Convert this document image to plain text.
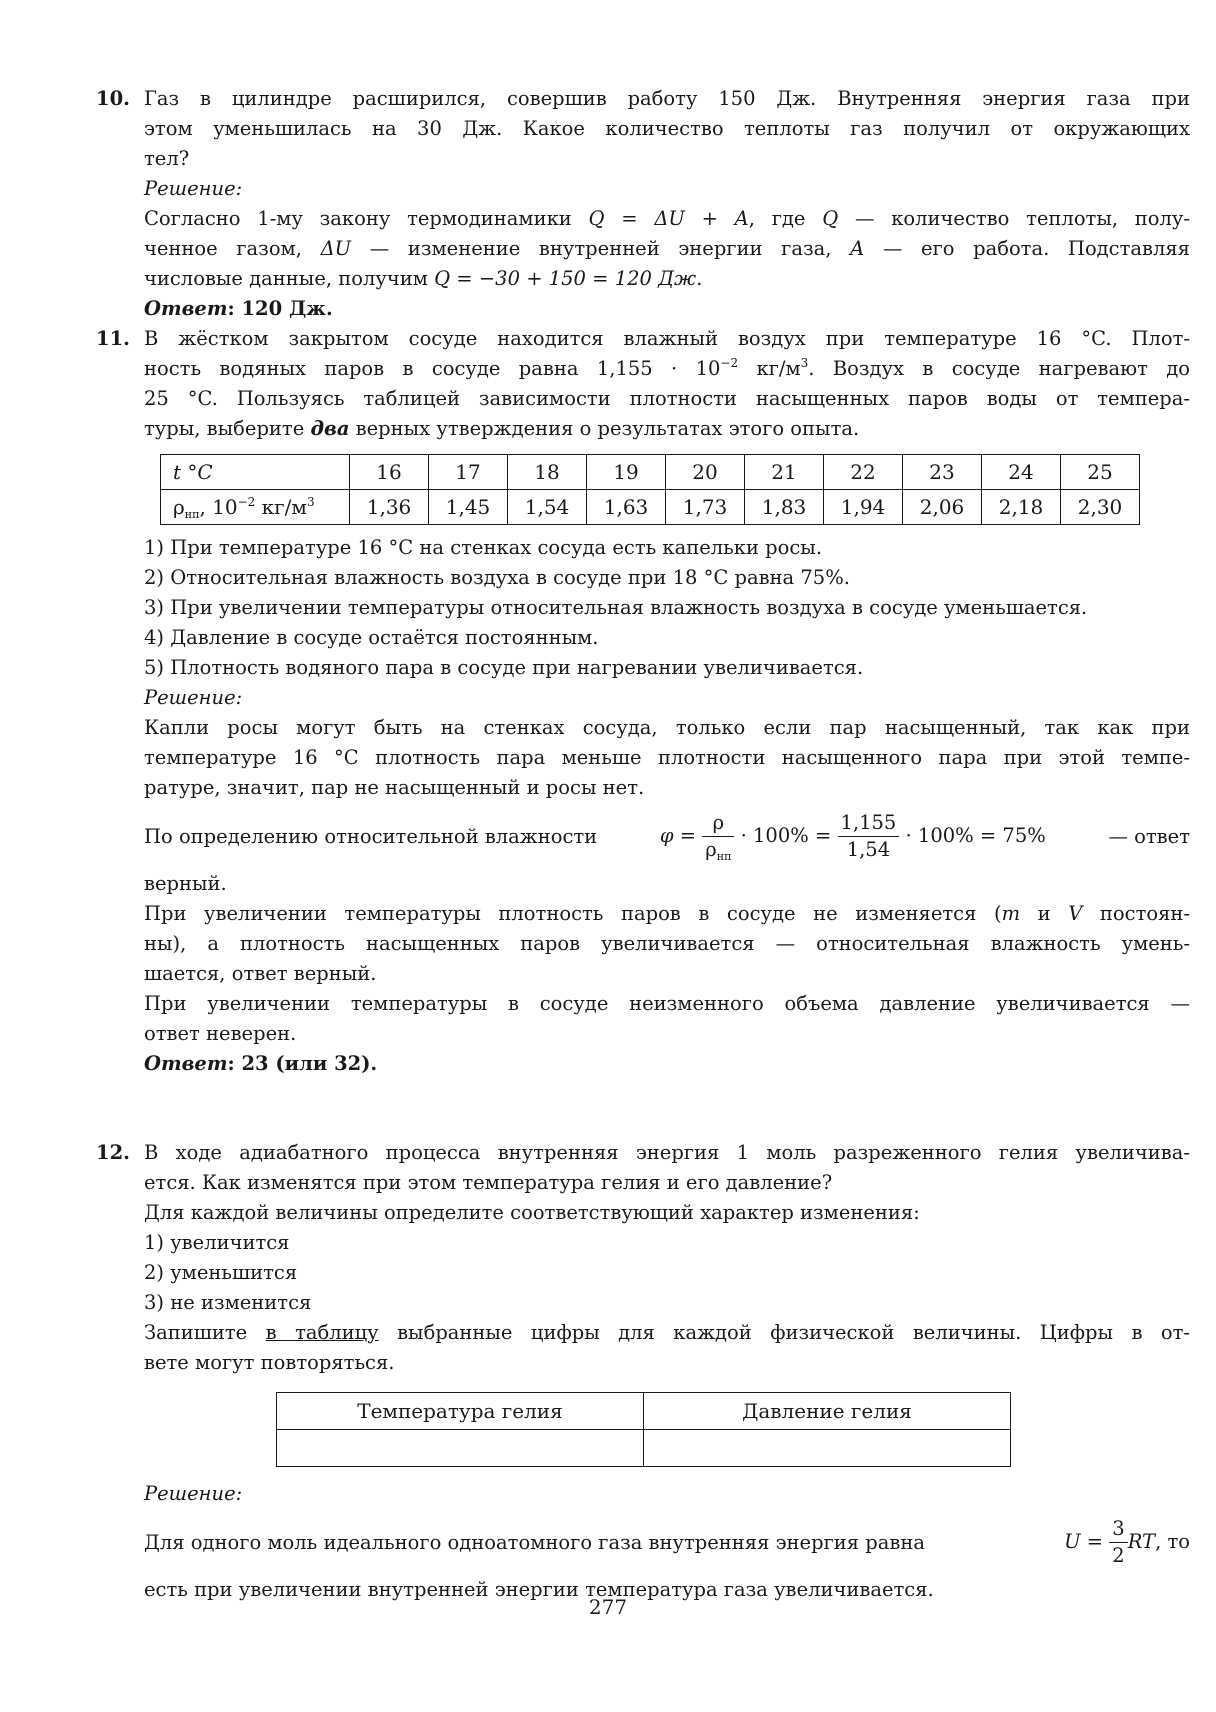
10. Газ в цилиндре расширился, совершив работу 150 Дж. Внутренняя энергия газа при
этом уменьшилась на 30 Дж. Какое количество теплоты газ получил от окружающих
тел?
Решение:
Согласно 1-му закону термодинамики Q = ΔU + A, где Q — количество теплоты, полу-
ченное газом, ΔU — изменение внутренней энергии газа, A — его работа. Подставляя
числовые данные, получим Q = −30 + 150 = 120 Дж.
Ответ: 120 Дж.
11. В жёстком закрытом сосуде находится влажный воздух при температуре 16 °C. Плот-
ность водяных паров в сосуде равна $1,155 \cdot 10^{-2}$ $кг/м^3$. Воздух в сосуде нагревают до
25 °C. Пользуясь таблицей зависимости плотности насыщенных паров воды от темпера-
туры, выберите два верных утверждения о результатах этого опыта.
t °C	16	17	18	19	20	21	22	23	24	25
$\rho_{нп}$, $10^{-2}$ $кг/м^3$	1,36	1,45	1,54	1,63	1,73	1,83	1,94	2,06	2,18	2,30
1) При температуре 16 °C на стенках сосуда есть капельки росы.
2) Относительная влажность воздуха в сосуде при 18 °C равна 75%.
3) При увеличении температуры относительная влажность воздуха в сосуде уменьшается.
4) Давление в сосуде остаётся постоянным.
5) Плотность водяного пара в сосуде при нагревании увеличивается.
Решение:
Капли росы могут быть на стенках сосуда, только если пар насыщенный, так как при
температуре 16 °C плотность пара меньше плотности насыщенного пара при этой темпе-
ратуре, значит, пар не насыщенный и росы нет.
По определению относительной влажности	$\varphi = \frac{\rho}{\rho_{нп}} \cdot 100\% = \frac{1,155}{1,54} \cdot 100\% = 75\%$	— ответ
верный.
При увеличении температуры плотность паров в сосуде не изменяется (m и V постоян-
ны), а плотность насыщенных паров увеличивается — относительная влажность умень-
шается, ответ верный.
При увеличении температуры в сосуде неизменного объема давление увеличивается —
ответ неверен.
Ответ: 23 (или 32).
12. В ходе адиабатного процесса внутренняя энергия 1 моль разреженного гелия увеличива-
ется. Как изменятся при этом температура гелия и его давление?
Для каждой величины определите соответствующий характер изменения:
1) увеличится
2) уменьшится
3) не изменится
Запишите в таблицу выбранные цифры для каждой физической величины. Цифры в от-
вете могут повторяться.
Температура гелия	Давление гелия

Решение:
Для одного моль идеального одноатомного газа внутренняя энергия равна	$U = \frac{3}{2}$ RT, то
есть при увеличении внутренней энергии температура газа увеличивается.
277
